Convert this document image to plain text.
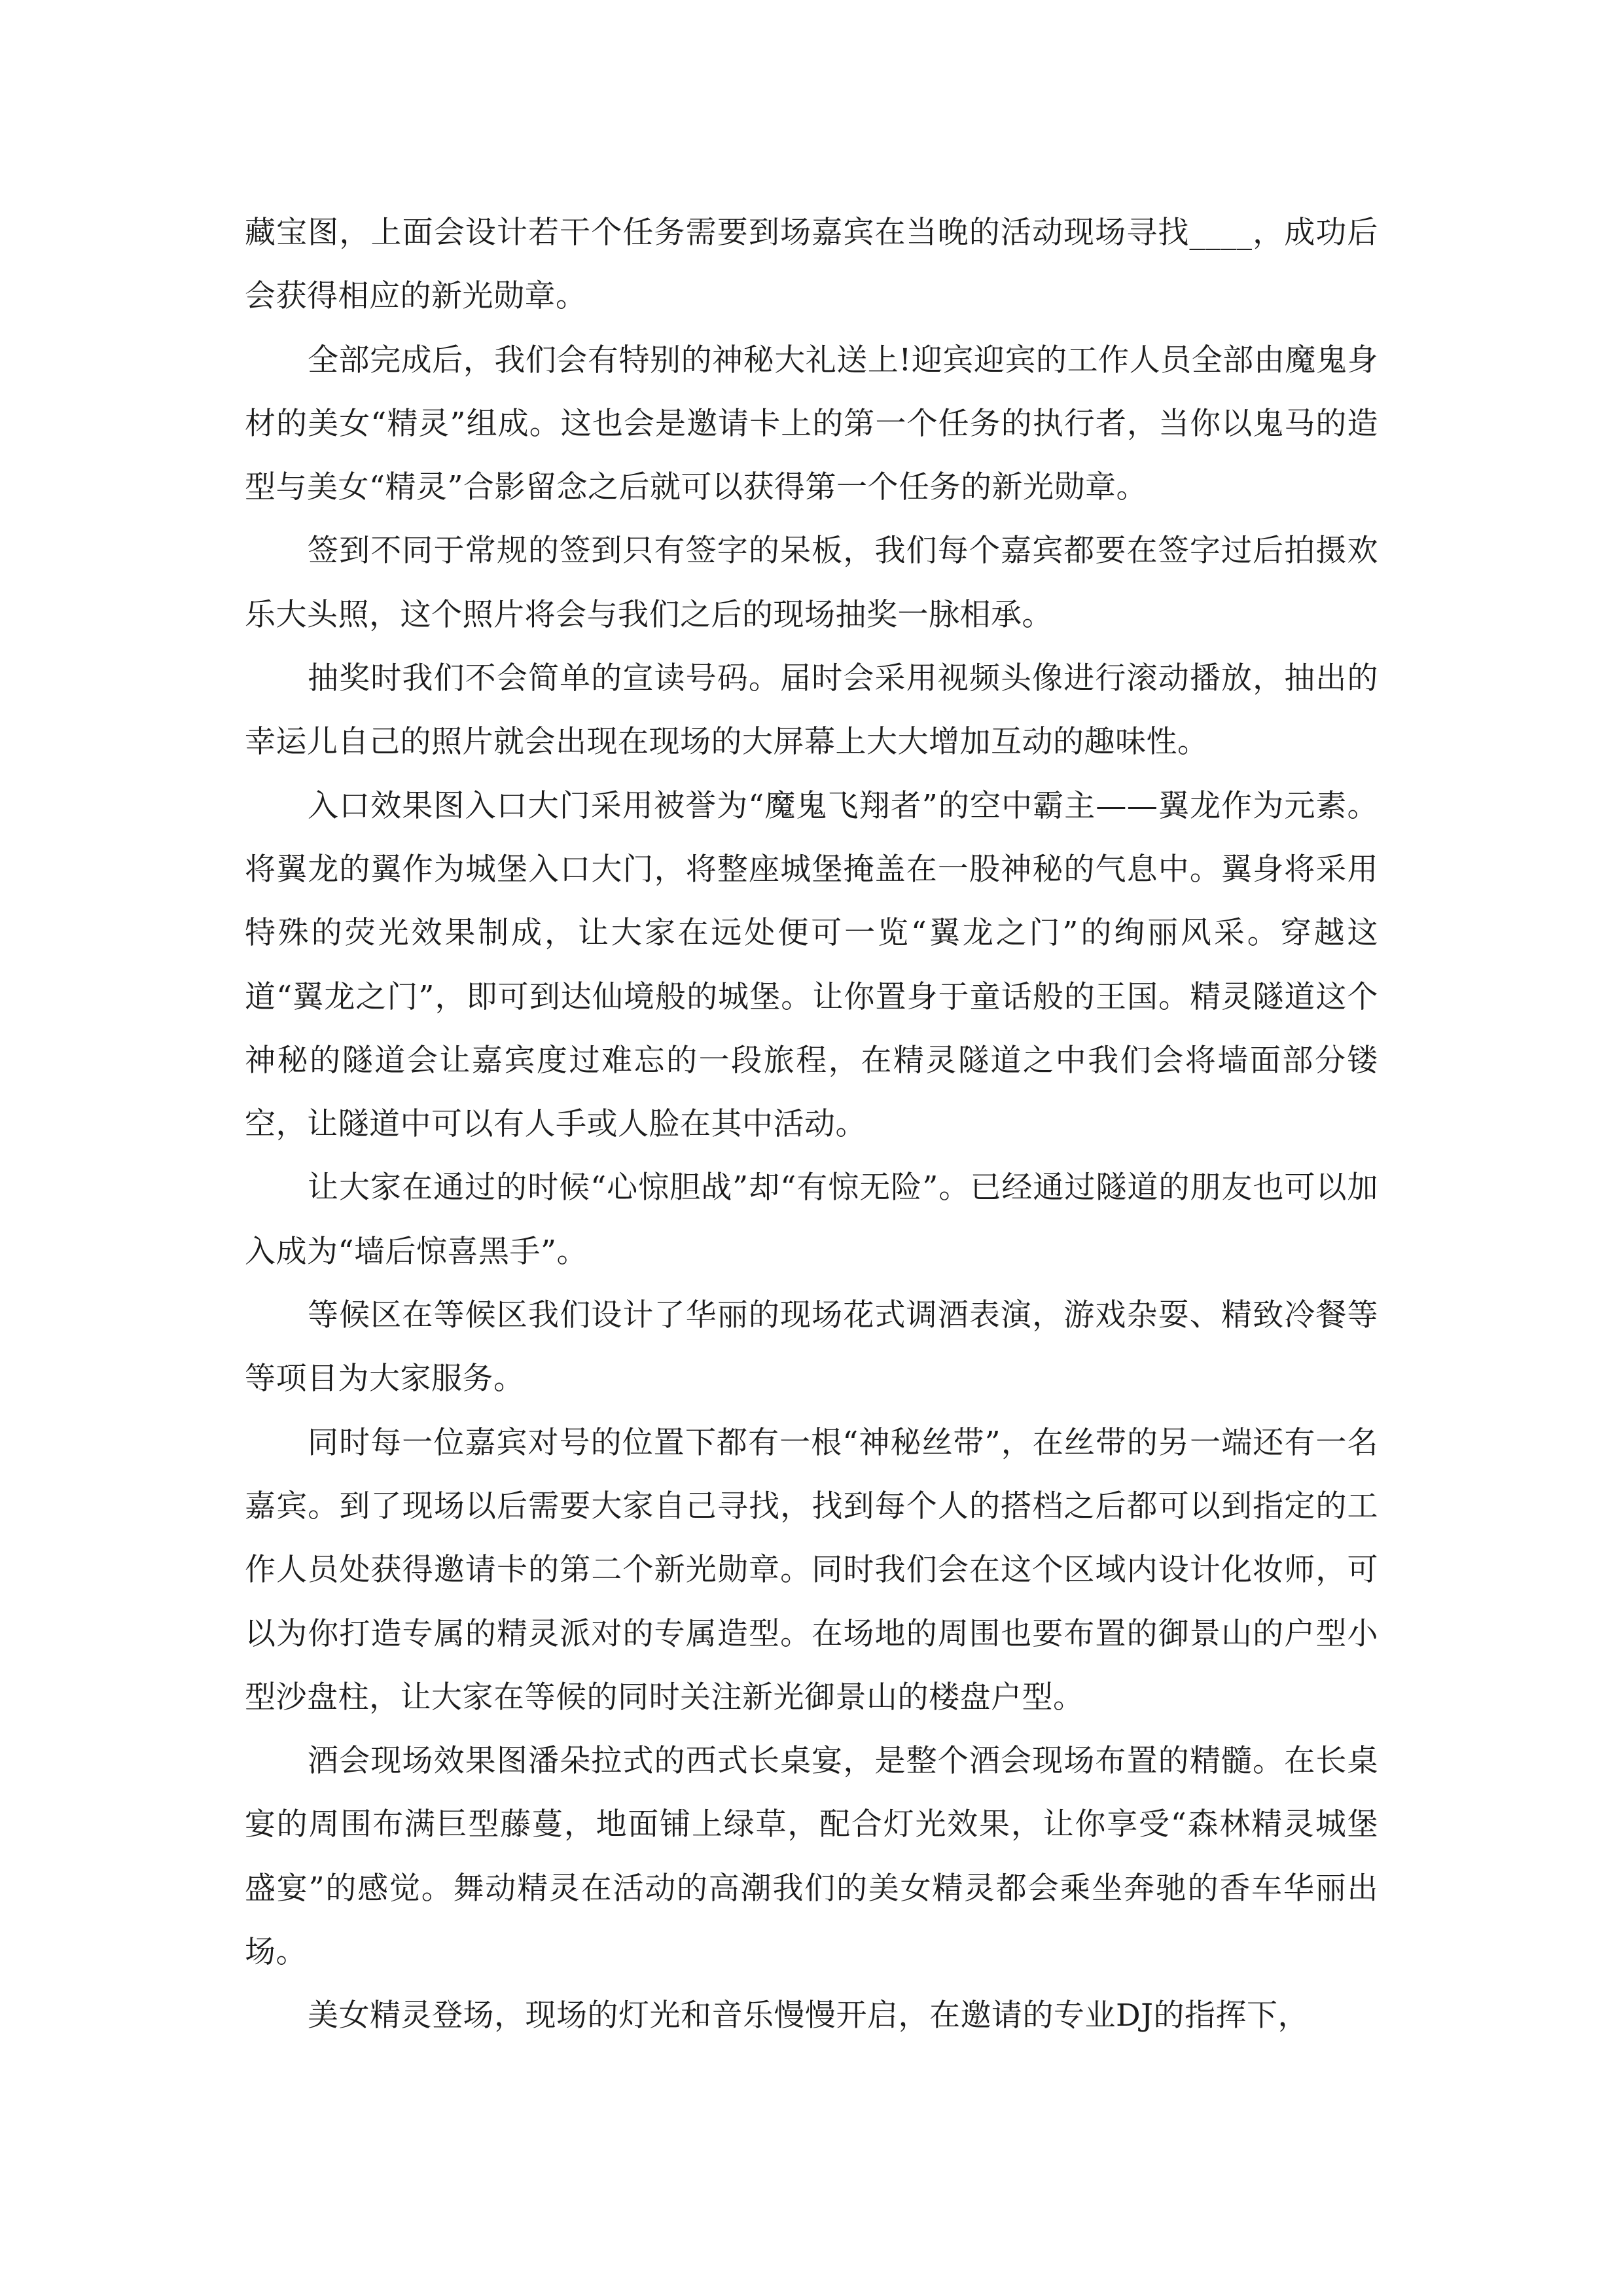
藏宝图，上面会设计若干个任务需要到场嘉宾在当晚的活动现场寻找____，成功后会获得相应的新光勋章。

全部完成后，我们会有特别的神秘大礼送上!迎宾迎宾的工作人员全部由魔鬼身材的美女“精灵”组成。这也会是邀请卡上的第一个任务的执行者，当你以鬼马的造型与美女“精灵”合影留念之后就可以获得第一个任务的新光勋章。

签到不同于常规的签到只有签字的呆板，我们每个嘉宾都要在签字过后拍摄欢乐大头照，这个照片将会与我们之后的现场抽奖一脉相承。

抽奖时我们不会简单的宣读号码。届时会采用视频头像进行滚动播放，抽出的幸运儿自己的照片就会出现在现场的大屏幕上大大增加互动的趣味性。

入口效果图入口大门采用被誉为“魔鬼飞翔者”的空中霸主——翼龙作为元素。将翼龙的翼作为城堡入口大门，将整座城堡掩盖在一股神秘的气息中。翼身将采用特殊的荧光效果制成，让大家在远处便可一览“翼龙之门”的绚丽风采。穿越这道“翼龙之门”，即可到达仙境般的城堡。让你置身于童话般的王国。精灵隧道这个神秘的隧道会让嘉宾度过难忘的一段旅程，在精灵隧道之中我们会将墙面部分镂空，让隧道中可以有人手或人脸在其中活动。

让大家在通过的时候“心惊胆战”却“有惊无险”。已经通过隧道的朋友也可以加入成为“墙后惊喜黑手”。

等候区在等候区我们设计了华丽的现场花式调酒表演，游戏杂耍、精致冷餐等等项目为大家服务。

同时每一位嘉宾对号的位置下都有一根“神秘丝带”，在丝带的另一端还有一名嘉宾。到了现场以后需要大家自己寻找，找到每个人的搭档之后都可以到指定的工作人员处获得邀请卡的第二个新光勋章。同时我们会在这个区域内设计化妆师，可以为你打造专属的精灵派对的专属造型。在场地的周围也要布置的御景山的户型小型沙盘柱，让大家在等候的同时关注新光御景山的楼盘户型。

酒会现场效果图潘朵拉式的西式长桌宴，是整个酒会现场布置的精髓。在长桌宴的周围布满巨型藤蔓，地面铺上绿草，配合灯光效果，让你享受“森林精灵城堡盛宴”的感觉。舞动精灵在活动的高潮我们的美女精灵都会乘坐奔驰的香车华丽出场。

美女精灵登场，现场的灯光和音乐慢慢开启，在邀请的专业DJ的指挥下，
